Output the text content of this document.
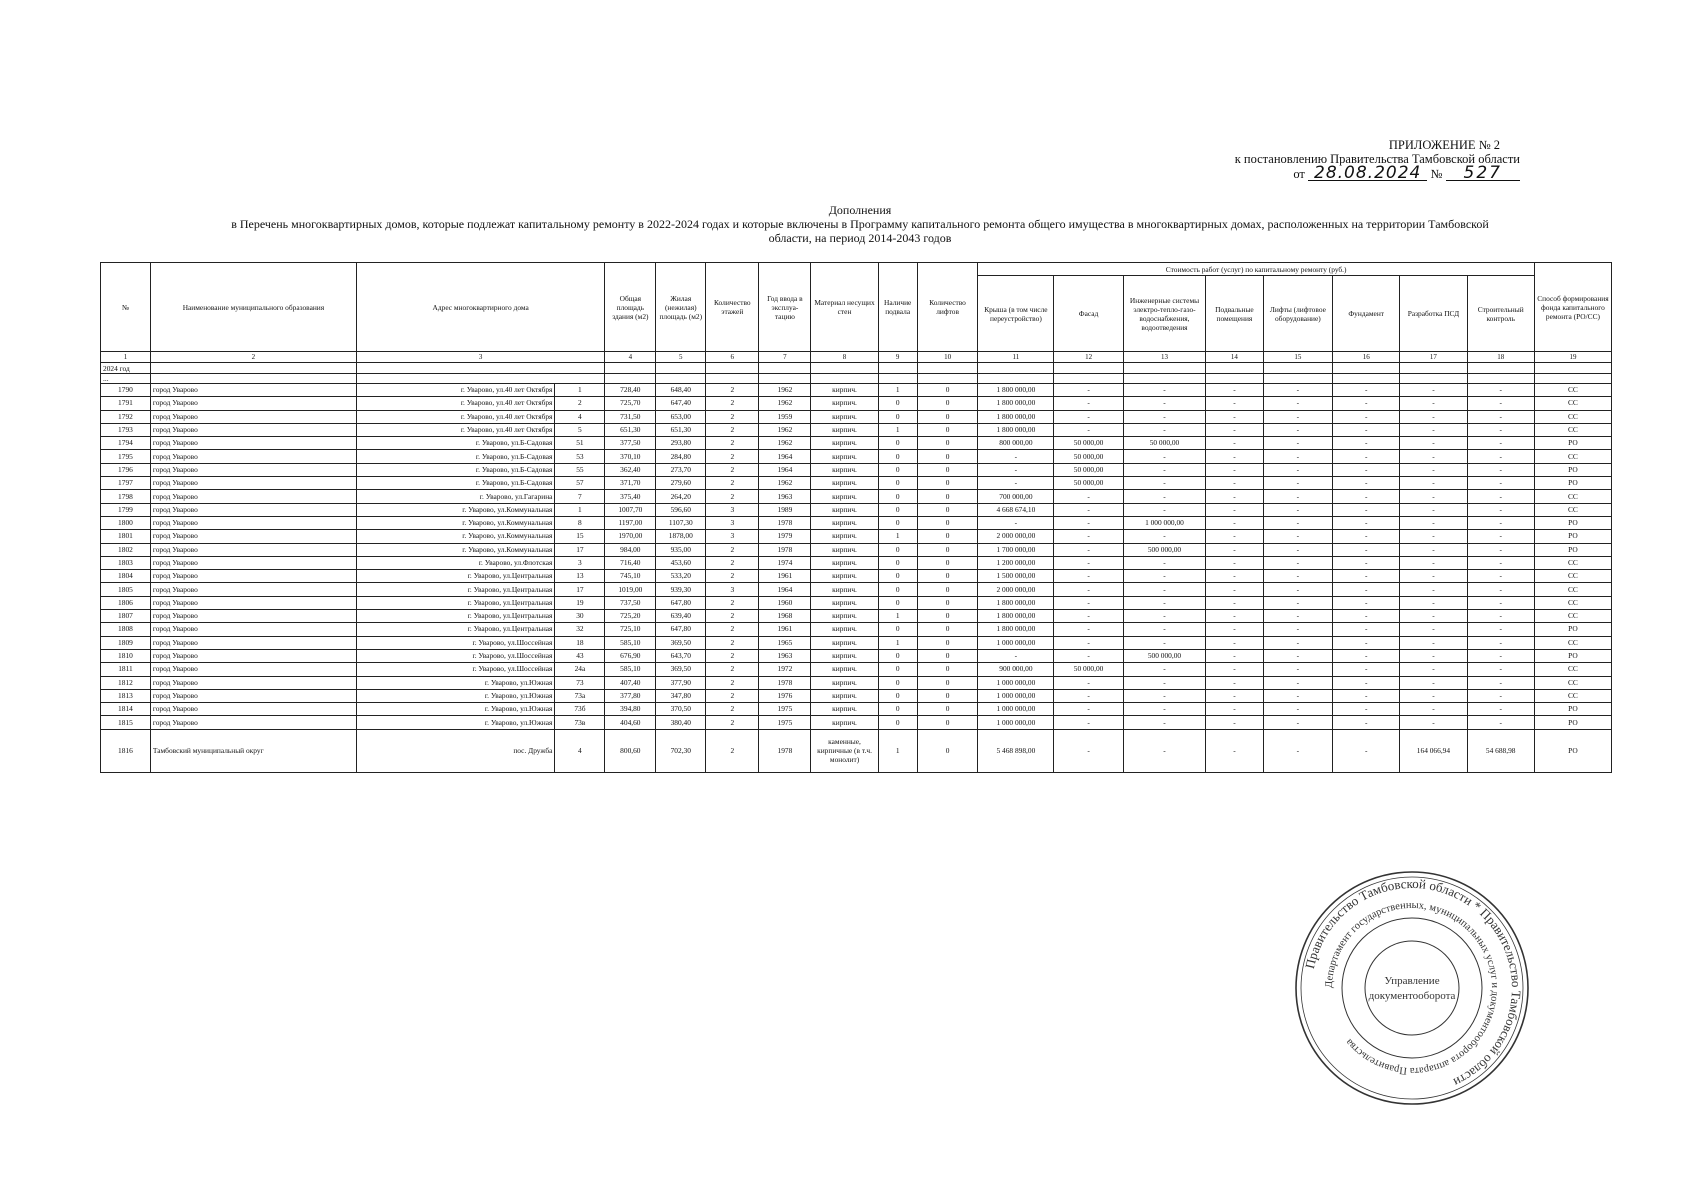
ПРИЛОЖЕНИЕ № 2
к постановлению Правительства Тамбовской области
от 28.08.2024 № 527
Дополнения
в Перечень многоквартирных домов, которые подлежат капитальному ремонту в 2022-2024 годах и которые включены в Программу капитального ремонта общего имущества в многоквартирных домах, расположенных на территории Тамбовской
области, на период 2014-2043 годов
№	Наименование муниципального образования	Адрес многоквартирного дома		Общая площадь здания (м2)	Жилая (нежилая) площадь (м2)	Количество этажей	Год ввода в эксплуа- тацию	Материал несущих стен	Наличие подвала	Количество лифтов	Стоимость работ (услуг) по капитальному ремонту (руб.)								Способ формирования фонда капитального ремонта (РО/СС)
											Крыша (в том числе переустройство)	Фасад	Инженерные системы электро-тепло-газо-водоснабжения, водоотведения	Подвальные помещения	Лифты (лифтовое оборудование)	Фундамент	Разработка ПСД	Строительный контроль	
1	2	3		4	5	6	7	8	9	10	11	12	13	14	15	16	17	18	19
2024 год																			
...																			
1790	город Уварово	г. Уварово, ул.40 лет Октября	1	728,40	648,40	2	1962	кирпич.	1	0	1 800 000,00	-	-	-	-	-	-	-	СС
1791	город Уварово	г. Уварово, ул.40 лет Октября	2	725,70	647,40	2	1962	кирпич.	0	0	1 800 000,00	-	-	-	-	-	-	-	СС
1792	город Уварово	г. Уварово, ул.40 лет Октября	4	731,50	653,00	2	1959	кирпич.	0	0	1 800 000,00	-	-	-	-	-	-	-	СС
1793	город Уварово	г. Уварово, ул.40 лет Октября	5	651,30	651,30	2	1962	кирпич.	1	0	1 800 000,00	-	-	-	-	-	-	-	СС
1794	город Уварово	г. Уварово, ул.Б-Садовая	51	377,50	293,80	2	1962	кирпич.	0	0	800 000,00	50 000,00	50 000,00	-	-	-	-	-	РО
1795	город Уварово	г. Уварово, ул.Б-Садовая	53	370,10	284,80	2	1964	кирпич.	0	0	-	50 000,00	-	-	-	-	-	-	СС
1796	город Уварово	г. Уварово, ул.Б-Садовая	55	362,40	273,70	2	1964	кирпич.	0	0	-	50 000,00	-	-	-	-	-	-	РО
1797	город Уварово	г. Уварово, ул.Б-Садовая	57	371,70	279,60	2	1962	кирпич.	0	0	-	50 000,00	-	-	-	-	-	-	РО
1798	город Уварово	г. Уварово, ул.Гагарина	7	375,40	264,20	2	1963	кирпич.	0	0	700 000,00	-	-	-	-	-	-	-	СС
1799	город Уварово	г. Уварово, ул.Коммунальная	1	1007,70	596,60	3	1989	кирпич.	0	0	4 668 674,10	-	-	-	-	-	-	-	СС
1800	город Уварово	г. Уварово, ул.Коммунальная	8	1197,00	1107,30	3	1978	кирпич.	0	0	-	-	1 000 000,00	-	-	-	-	-	РО
1801	город Уварово	г. Уварово, ул.Коммунальная	15	1970,00	1878,00	3	1979	кирпич.	1	0	2 000 000,00	-	-	-	-	-	-	-	РО
1802	город Уварово	г. Уварово, ул.Коммунальная	17	984,00	935,00	2	1978	кирпич.	0	0	1 700 000,00	-	500 000,00	-	-	-	-	-	РО
1803	город Уварово	г. Уварово, ул.Флотская	3	716,40	453,60	2	1974	кирпич.	0	0	1 200 000,00	-	-	-	-	-	-	-	СС
1804	город Уварово	г. Уварово, ул.Центральная	13	745,10	533,20	2	1961	кирпич.	0	0	1 500 000,00	-	-	-	-	-	-	-	СС
1805	город Уварово	г. Уварово, ул.Центральная	17	1019,00	939,30	3	1964	кирпич.	0	0	2 000 000,00	-	-	-	-	-	-	-	СС
1806	город Уварово	г. Уварово, ул.Центральная	19	737,50	647,80	2	1960	кирпич.	0	0	1 800 000,00	-	-	-	-	-	-	-	СС
1807	город Уварово	г. Уварово, ул.Центральная	30	725,20	639,40	2	1968	кирпич.	1	0	1 800 000,00	-	-	-	-	-	-	-	СС
1808	город Уварово	г. Уварово, ул.Центральная	32	725,10	647,80	2	1961	кирпич.	0	0	1 800 000,00	-	-	-	-	-	-	-	РО
1809	город Уварово	г. Уварово, ул.Шоссейная	18	585,10	369,50	2	1965	кирпич.	1	0	1 000 000,00	-	-	-	-	-	-	-	СС
1810	город Уварово	г. Уварово, ул.Шоссейная	43	676,90	643,70	2	1963	кирпич.	0	0	-	-	500 000,00	-	-	-	-	-	РО
1811	город Уварово	г. Уварово, ул.Шоссейная	24а	585,10	369,50	2	1972	кирпич.	0	0	900 000,00	50 000,00	-	-	-	-	-	-	СС
1812	город Уварово	г. Уварово, ул.Южная	73	407,40	377,90	2	1978	кирпич.	0	0	1 000 000,00	-	-	-	-	-	-	-	СС
1813	город Уварово	г. Уварово, ул.Южная	73а	377,80	347,80	2	1976	кирпич.	0	0	1 000 000,00	-	-	-	-	-	-	-	СС
1814	город Уварово	г. Уварово, ул.Южная	73б	394,80	370,50	2	1975	кирпич.	0	0	1 000 000,00	-	-	-	-	-	-	-	РО
1815	город Уварово	г. Уварово, ул.Южная	73в	404,60	380,40	2	1975	кирпич.	0	0	1 000 000,00	-	-	-	-	-	-	-	РО
1816	Тамбовский муниципальный округ	пос. Дружба	4	800,60	702,30	2	1978	каменные, кирпичные (в т.ч. монолит)	1	0	5 468 898,00	-	-	-	-	-	164 066,94	54 688,98	РО
Правительство Тамбовской области * Правительство Тамбовской области
Департамент государственных, муниципальных услуг и документооборота аппарата Правительства
Управление
документооборота
